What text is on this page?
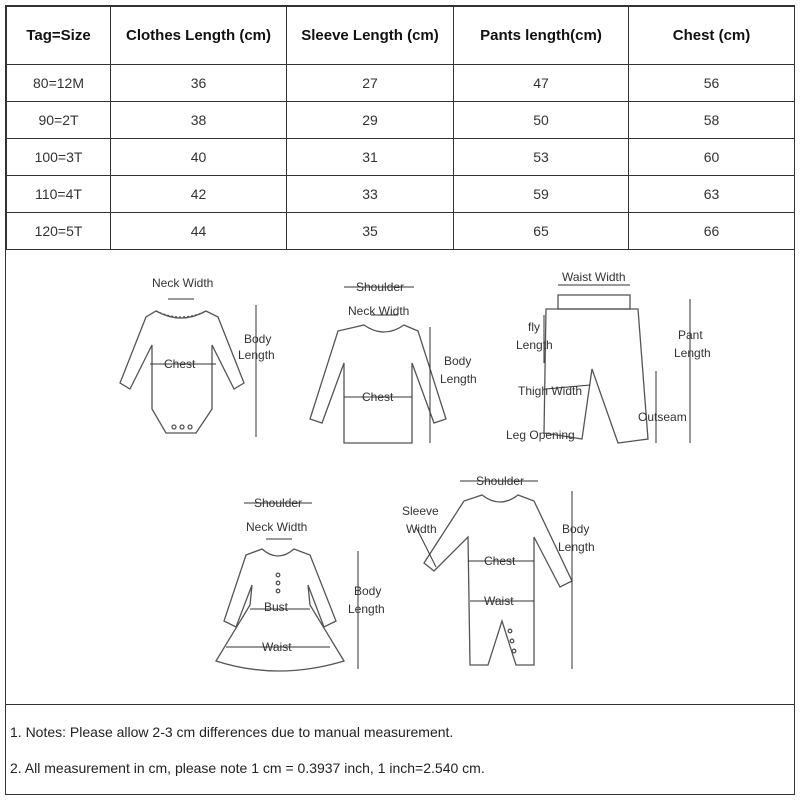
Tag=Size	Clothes Length (cm)	Sleeve Length (cm)	Pants length(cm)	Chest (cm)
80=12M	36	27	47	56
90=2T	38	29	50	58
100=3T	40	31	53	60
110=4T	42	33	59	63
120=5T	44	35	65	66
Neck Width
Chest
Body
Length
Shoulder
Neck Width
Chest
Body
Length
Waist Width
fly
Length
Pant
Length
Thigh Width
Outseam
Leg Opening
Shoulder
Neck Width
Bust
Waist
Body
Length
Shoulder
Sleeve
Width
Chest
Waist
Body
Length

1. Notes: Please allow 2-3 cm differences due to manual measurement.

2. All measurement in cm, please note 1 cm = 0.3937 inch, 1 inch=2.540 cm.
